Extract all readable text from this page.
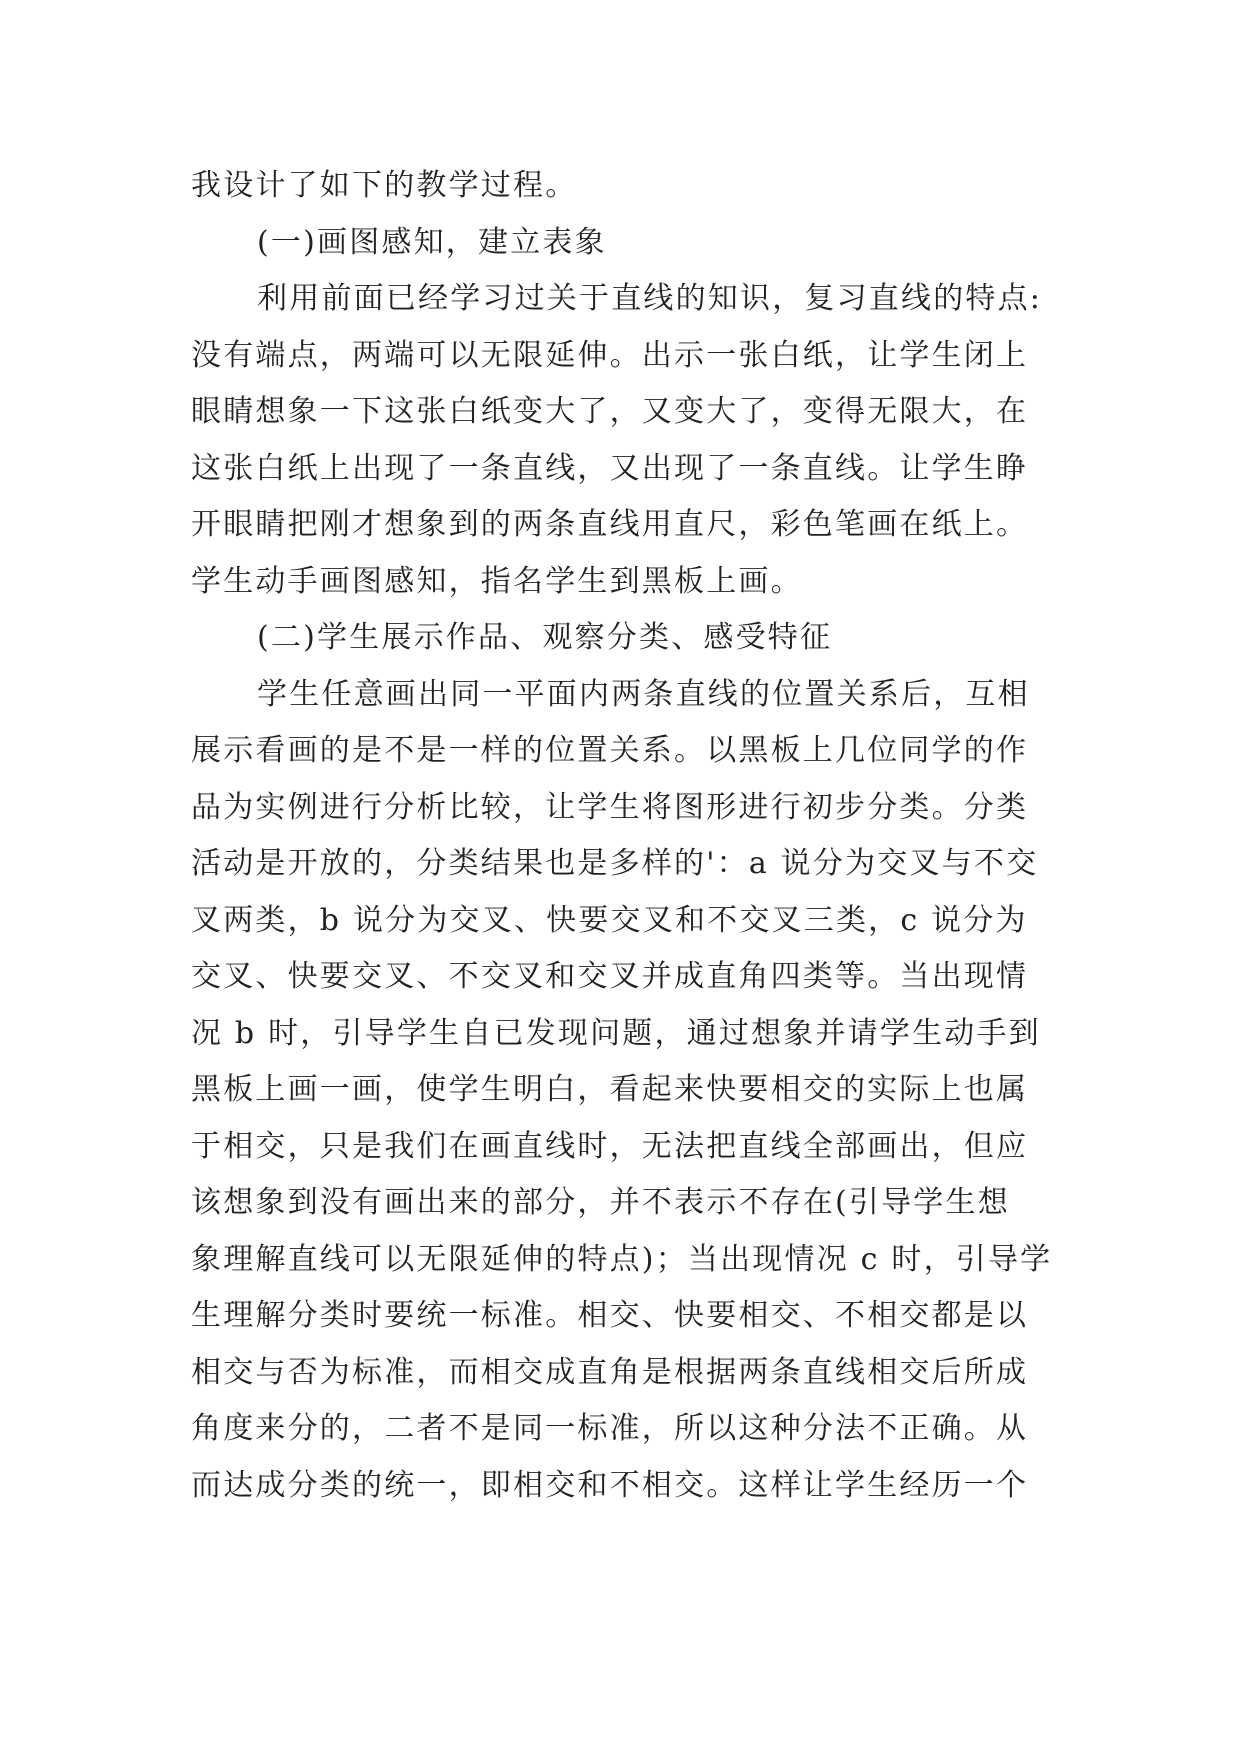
我设计了如下的教学过程。
(一)画图感知，建立表象
利用前面已经学习过关于直线的知识，复习直线的特点:
没有端点，两端可以无限延伸。出示一张白纸，让学生闭上
眼睛想象一下这张白纸变大了，又变大了，变得无限大，在
这张白纸上出现了一条直线，又出现了一条直线。让学生睁
开眼睛把刚才想象到的两条直线用直尺，彩色笔画在纸上。
学生动手画图感知，指名学生到黑板上画。
(二)学生展示作品、观察分类、感受特征
学生任意画出同一平面内两条直线的位置关系后，互相
展示看画的是不是一样的位置关系。以黑板上几位同学的作
品为实例进行分析比较，让学生将图形进行初步分类。分类
活动是开放的，分类结果也是多样的'：a 说分为交叉与不交
叉两类，b 说分为交叉、快要交叉和不交叉三类，c 说分为
交叉、快要交叉、不交叉和交叉并成直角四类等。当出现情
况 b 时，引导学生自已发现问题，通过想象并请学生动手到
黑板上画一画，使学生明白，看起来快要相交的实际上也属
于相交，只是我们在画直线时，无法把直线全部画出，但应
该想象到没有画出来的部分，并不表示不存在(引导学生想
象理解直线可以无限延伸的特点)；当出现情况 c 时，引导学
生理解分类时要统一标准。相交、快要相交、不相交都是以
相交与否为标准，而相交成直角是根据两条直线相交后所成
角度来分的，二者不是同一标准，所以这种分法不正确。从
而达成分类的统一，即相交和不相交。这样让学生经历一个
